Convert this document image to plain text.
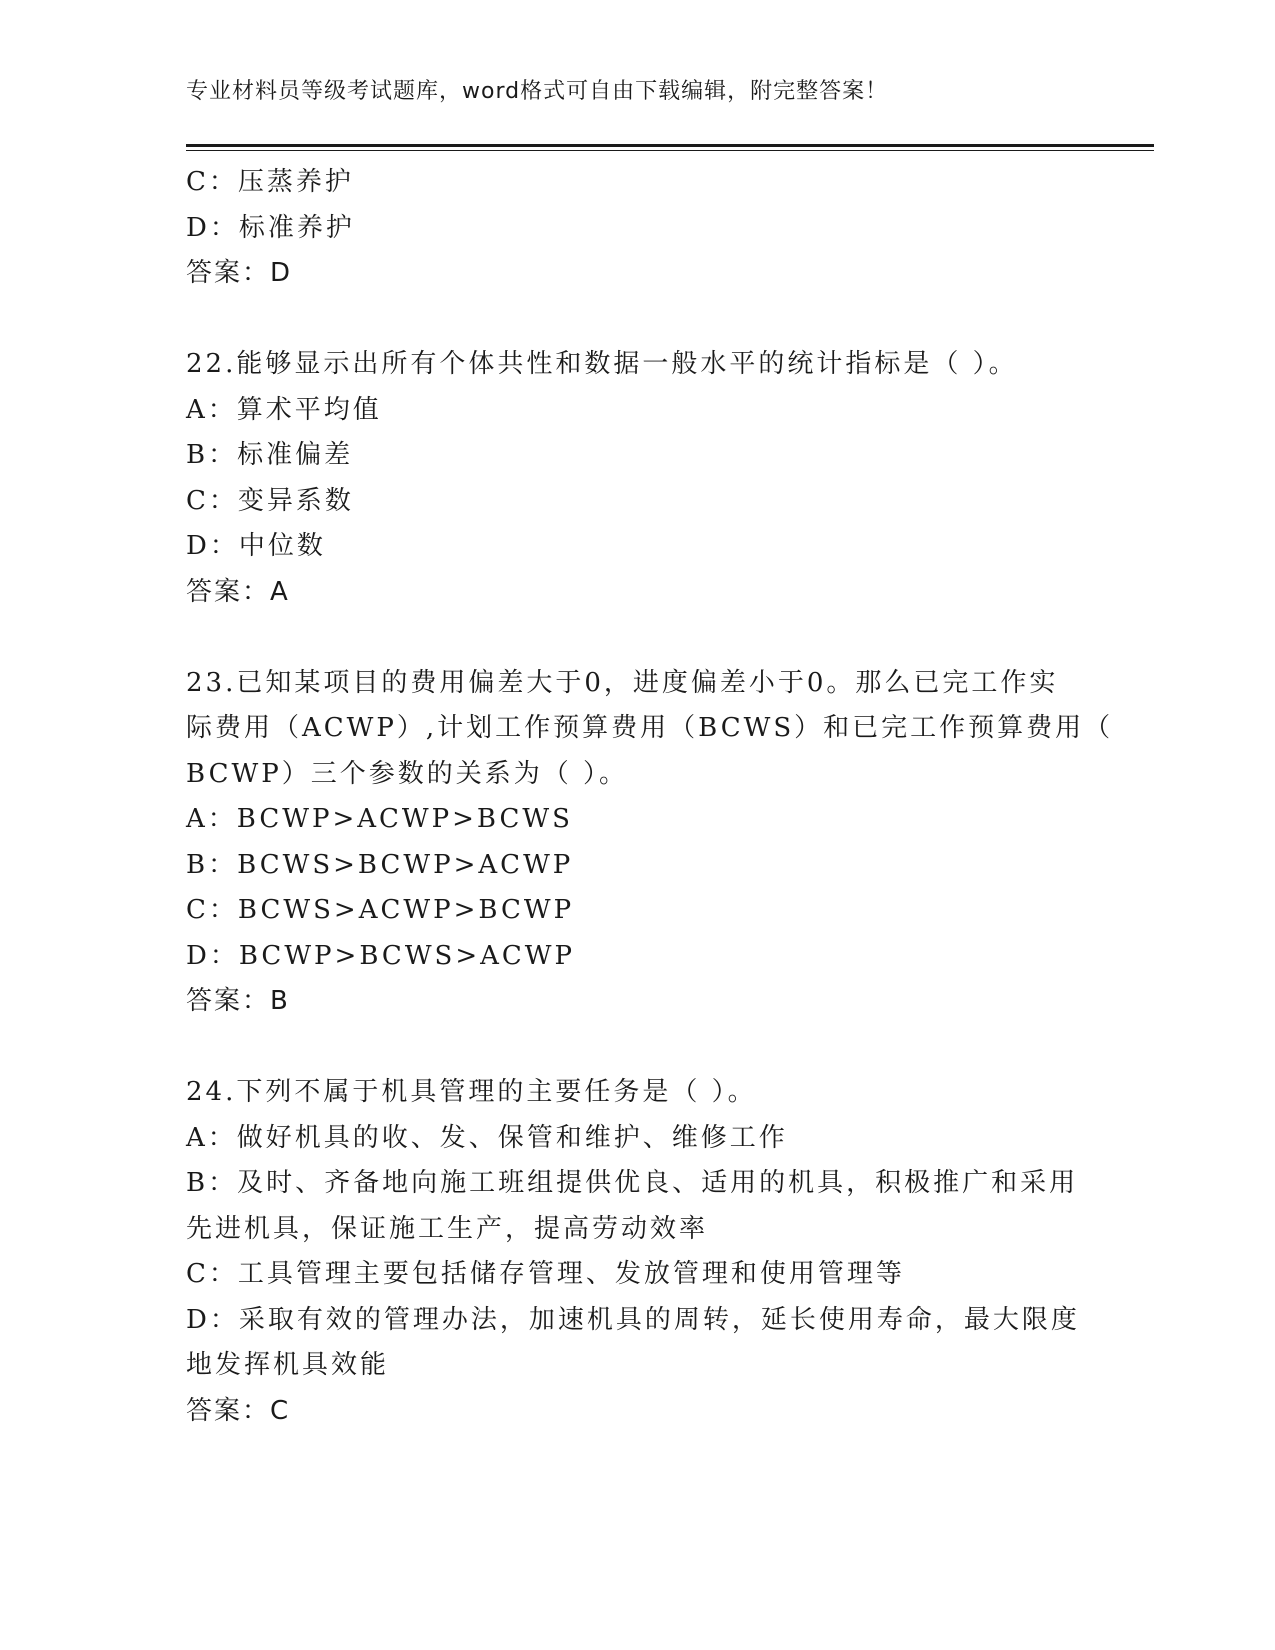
专业材料员等级考试题库，word格式可自由下载编辑，附完整答案！
C：压蒸养护
D：标准养护
答案：D
22.能够显示出所有个体共性和数据一般水平的统计指标是（ ）。
A：算术平均值
B：标准偏差
C：变异系数
D：中位数
答案：A
23.已知某项目的费用偏差大于0，进度偏差小于0。那么已完工作实
际费用（ACWP）,计划工作预算费用（BCWS）和已完工作预算费用（
BCWP）三个参数的关系为（ ）。
A：BCWP>ACWP>BCWS
B：BCWS>BCWP>ACWP
C：BCWS>ACWP>BCWP
D：BCWP>BCWS>ACWP
答案：B
24.下列不属于机具管理的主要任务是（ ）。
A：做好机具的收、发、保管和维护、维修工作
B：及时、齐备地向施工班组提供优良、适用的机具，积极推广和采用
先进机具，保证施工生产，提高劳动效率
C：工具管理主要包括储存管理、发放管理和使用管理等
D：采取有效的管理办法，加速机具的周转，延长使用寿命，最大限度
地发挥机具效能
答案：C
